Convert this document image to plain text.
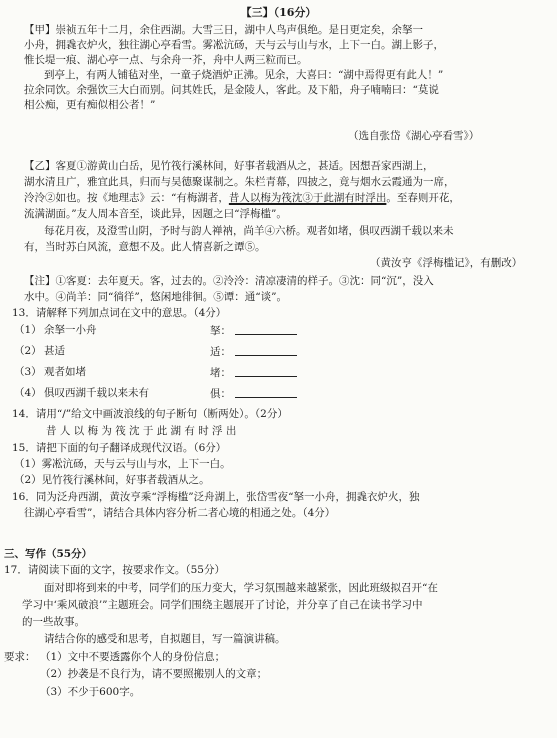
【三】（16分）
【甲】崇祯五年十二月，余住西湖。大雪三日，湖中人鸟声俱绝。是日更定矣，余拏一
小舟，拥毳衣炉火，独往湖心亭看雪。雾凇沆砀，天与云与山与水，上下一白。湖上影子，
惟长堤一痕、湖心亭一点、与余舟一芥，舟中人两三粒而已。
到亭上，有两人铺毡对坐，一童子烧酒炉正沸。见余，大喜曰：“湖中焉得更有此人！”
拉余同饮。余强饮三大白而别。问其姓氏，是金陵人，客此。及下船，舟子喃喃曰：“莫说
相公痴，更有痴似相公者！”
（选自张岱《湖心亭看雪》）
【乙】客夏①游黄山白岳，见竹筏行溪林间，好事者载酒从之，甚适。因想吾家西湖上，
湖水清且广，雅宜此具，归而与吴德聚谋制之。朱栏青幕，四披之，竟与烟水云霞通为一席，
泠泠②如也。按《地理志》云：“有梅湖者，昔人以梅为筏沈③于此湖有时浮出。至春则开花，
流满湖面。”友人周本音至，谈此异，因题之曰“浮梅槛”。
每花月夜，及澄雪山阴，予时与韵人禅衲，尚羊④六桥。观者如堵，俱叹西湖千载以来未
有，当时苏白风流，意想不及。此人情喜新之谭⑤。
（黄汝亨《浮梅槛记》，有删改）
【注】①客夏：去年夏天。客，过去的。②泠泠：清凉凄清的样子。③沈：同“沉”，没入
水中。④尚羊：同“徜徉”，悠闲地徘徊。⑤谭：通“谈”。
13．请解释下列加点词在文中的意思。（4分）
（1） 余拏一小舟	拏：
（2） 甚适	适：
（3） 观者如堵	堵：
（4） 俱叹西湖千载以来未有	俱：
14．请用“/”给文中画波浪线的句子断句（断两处）。（2分）
昔 人 以 梅 为 筏 沈 于 此 湖 有 时 浮 出
15．请把下面的句子翻译成现代汉语。（6分）
（1）雾凇沆砀，天与云与山与水，上下一白。
（2）见竹筏行溪林间，好事者载酒从之。
16．同为泛舟西湖，黄汝亨乘“浮梅槛”泛舟湖上，张岱雪夜“拏一小舟，拥毳衣炉火，独
往湖心亭看雪”，请结合具体内容分析二者心境的相通之处。（4分）
三、写作（55分）
17．请阅读下面的文字，按要求作文。（55分）
面对即将到来的中考，同学们的压力变大，学习氛围越来越紧张，因此班级拟召开“在
学习中‘乘风破浪’”主题班会。同学们围绕主题展开了讨论，并分享了自己在读书学习中
的一些故事。
请结合你的感受和思考，自拟题目，写一篇演讲稿。
要求： （1）文中不要透露你个人的身份信息；
（2）抄袭是不良行为，请不要照搬别人的文章；
（3）不少于600字。
